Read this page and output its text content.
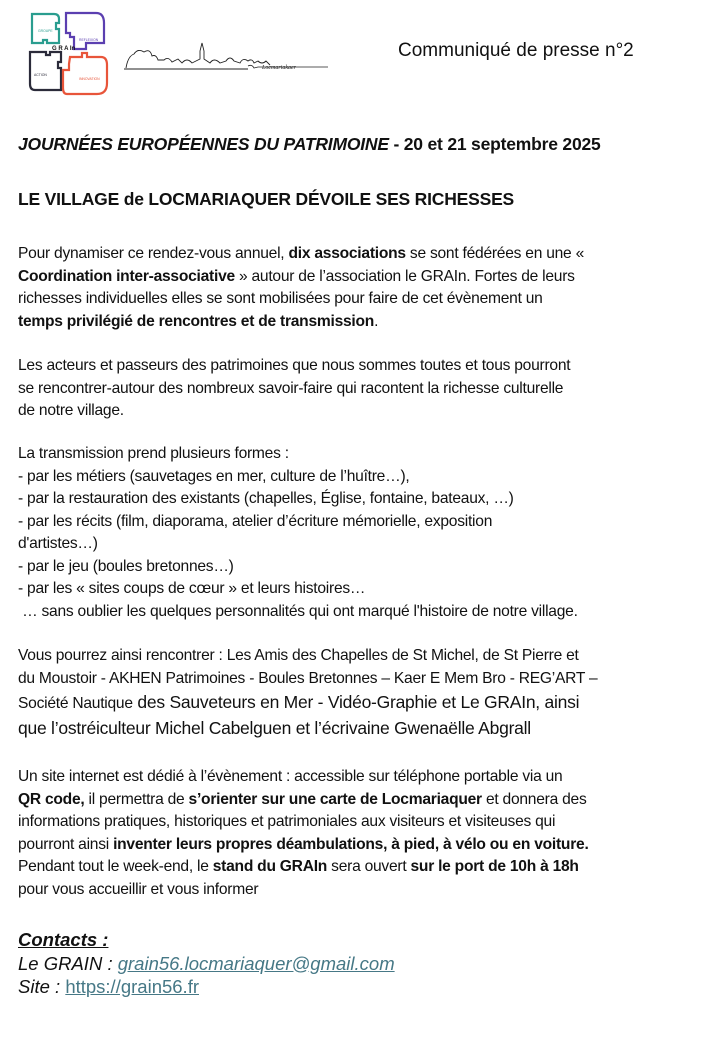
GROUPE
REFLEXION
G R A In
ACTION
INNOVATION
Locmariakaer
Communiqué de presse n°2
JOURNÉES EUROPÉENNES DU PATRIMOINE - 20 et 21 septembre 2025
LE VILLAGE de LOCMARIAQUER DÉVOILE SES RICHESSES
Pour dynamiser ce rendez-vous annuel, dix associations se sont fédérées en une «
Coordination inter-associative » autour de l’association le GRAIn. Fortes de leurs
richesses individuelles elles se sont mobilisées pour faire de cet évènement un
temps privilégié de rencontres et de transmission.
Les acteurs et passeurs des patrimoines que nous sommes toutes et tous pourront
se rencontrer-autour des nombreux savoir-faire qui racontent la richesse culturelle
de notre village.
La transmission prend plusieurs formes :
- par les métiers (sauvetages en mer, culture de l’huître…),
- par la restauration des existants (chapelles, Église, fontaine, bateaux, …)
- par les récits (film, diaporama, atelier d’écriture mémorielle, exposition
d'artistes…)
- par le jeu (boules bretonnes…)
- par les « sites coups de cœur » et leurs histoires…
… sans oublier les quelques personnalités qui ont marqué l'histoire de notre village.
Vous pourrez ainsi rencontrer : Les Amis des Chapelles de St Michel, de St Pierre et
du Moustoir - AKHEN Patrimoines - Boules Bretonnes – Kaer E Mem Bro - REG’ART –
Société Nautique des Sauveteurs en Mer - Vidéo-Graphie et Le GRAIn, ainsi
que l’ostréiculteur Michel Cabelguen et l’écrivaine Gwenaëlle Abgrall
Un site internet est dédié à l’évènement : accessible sur téléphone portable via un
QR code, il permettra de s’orienter sur une carte de Locmariaquer et donnera des
informations pratiques, historiques et patrimoniales aux visiteurs et visiteuses qui
pourront ainsi inventer leurs propres déambulations, à pied, à vélo ou en voiture.
Pendant tout le week-end, le stand du GRAIn sera ouvert sur le port de 10h à 18h
pour vous accueillir et vous informer
Contacts :
Le GRAIN : grain56.locmariaquer@gmail.com
Site : https://grain56.fr
